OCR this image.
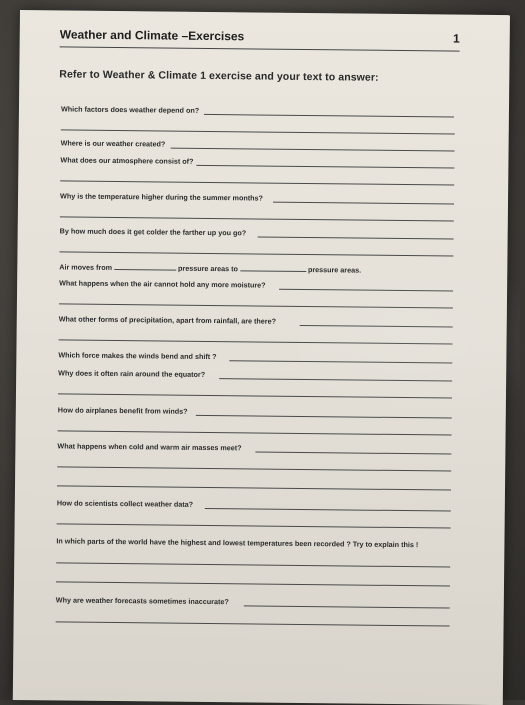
Weather and Climate –Exercises	1
Refer to Weather & Climate 1 exercise and your text to answer:
Which factors does weather depend on?
Where is our weather created?
What does our atmosphere consist of?
Why is the temperature higher during the summer months?
By how much does it get colder the farther up you go?
Air moves from	pressure areas to	pressure areas.
What happens when the air cannot hold any more moisture?
What other forms of precipitation, apart from rainfall, are there?
Which force makes the winds bend and shift ?
Why does it often rain around the equator?
How do airplanes benefit from winds?
What happens when cold and warm air masses meet?
How do scientists collect weather data?
In which parts of the world have the highest and lowest temperatures been recorded ? Try to explain this !
Why are weather forecasts sometimes inaccurate?
